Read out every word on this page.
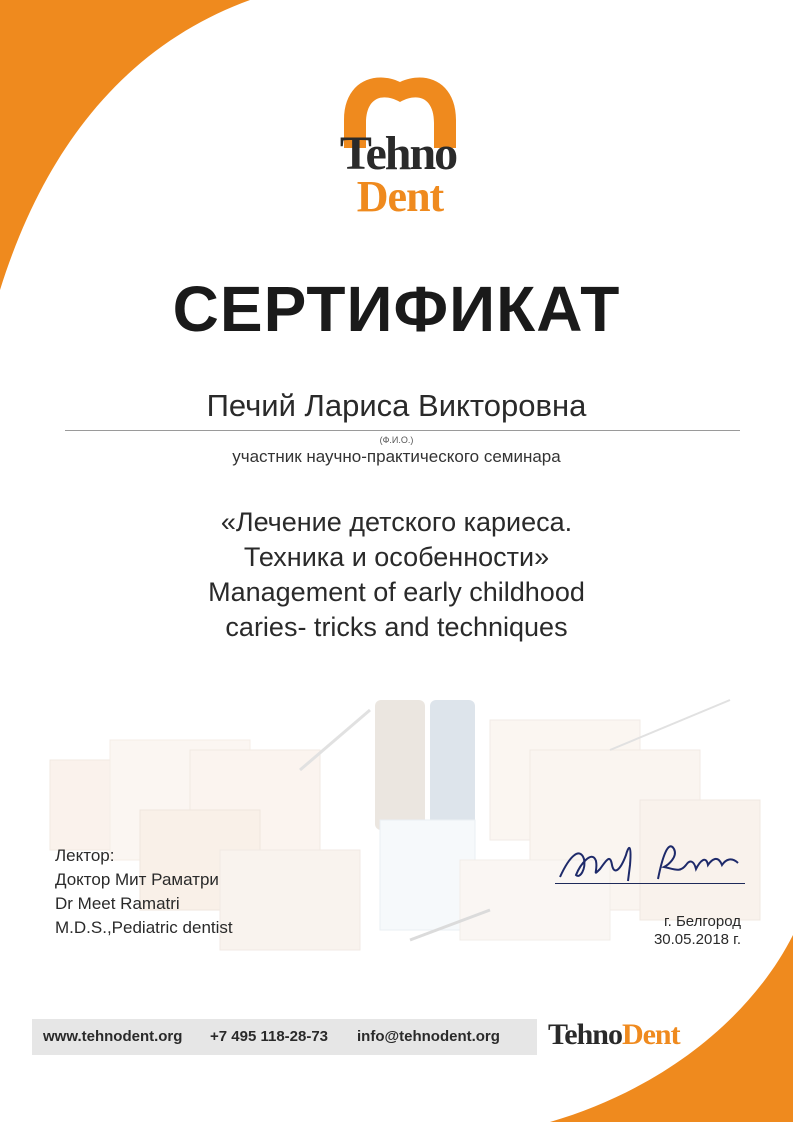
Tehno
Dent
СЕРТИФИКАТ
Печий Лариса Викторовна
(Ф.И.О.)
участник научно-практического семинара
«Лечение детского кариеса.
Техника и особенности»
Management of early childhood
caries- tricks and techniques
Лектор:
Доктор Мит Раматри
Dr Meet Ramatri
M.D.S.,Pediatric dentist	г. Белгород
30.05.2018 г.
www.tehnodent.org +7 495 118-28-73 info@tehnodent.org TehnoDent
